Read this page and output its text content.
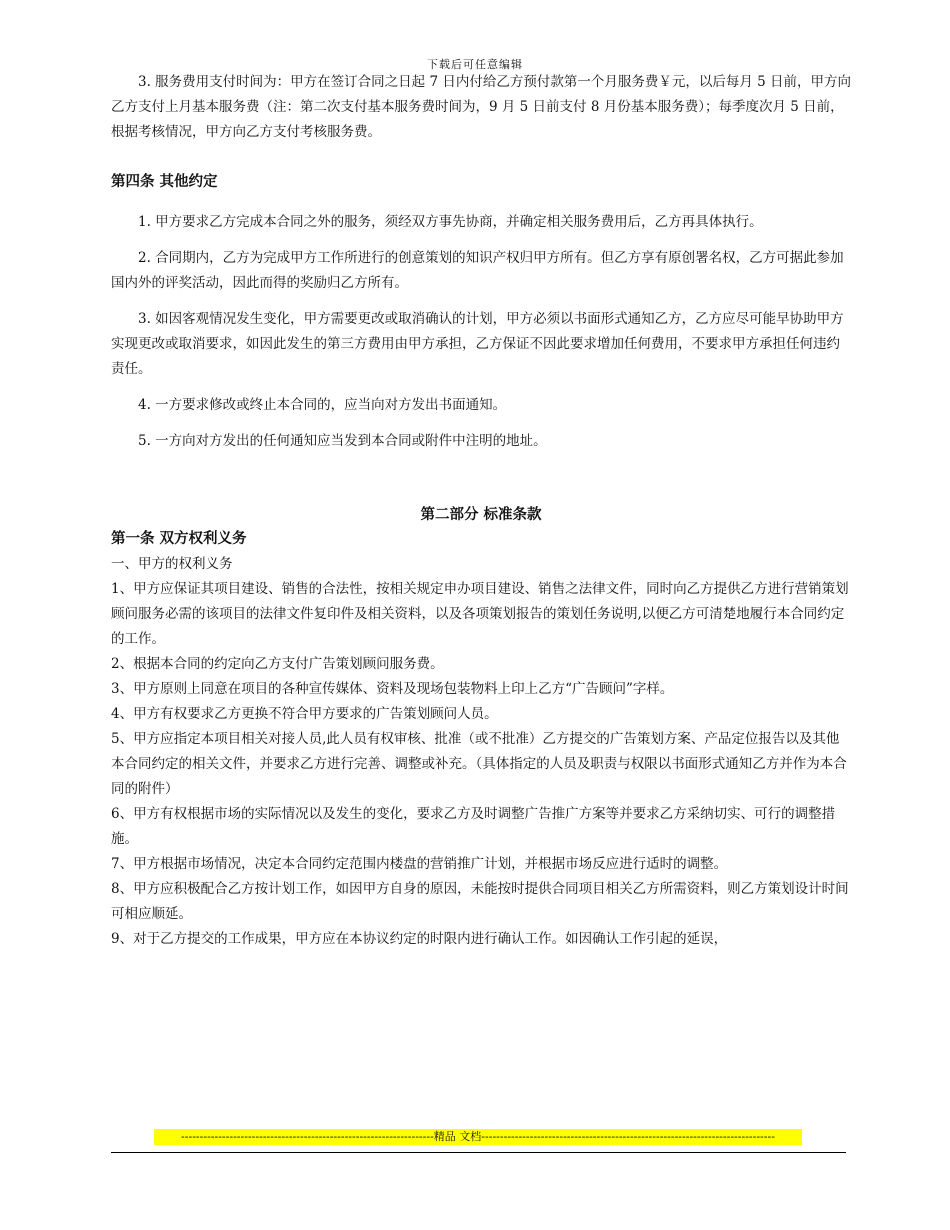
下载后可任意编辑

3. 服务费用支付时间为：甲方在签订合同之日起 7 日内付给乙方预付款第一个月服务费￥元，以后每月 5 日前，甲方向乙方支付上月基本服务费（注：第二次支付基本服务费时间为，9 月 5 日前支付 8 月份基本服务费）；每季度次月 5 日前，根据考核情况，甲方向乙方支付考核服务费。

第四条 其他约定

1. 甲方要求乙方完成本合同之外的服务，须经双方事先协商，并确定相关服务费用后，乙方再具体执行。

2. 合同期内，乙方为完成甲方工作所进行的创意策划的知识产权归甲方所有。但乙方享有原创署名权，乙方可据此参加国内外的评奖活动，因此而得的奖励归乙方所有。

3. 如因客观情况发生变化，甲方需要更改或取消确认的计划，甲方必须以书面形式通知乙方，乙方应尽可能早协助甲方实现更改或取消要求，如因此发生的第三方费用由甲方承担，乙方保证不因此要求增加任何费用，不要求甲方承担任何违约责任。

4. 一方要求修改或终止本合同的，应当向对方发出书面通知。

5. 一方向对方发出的任何通知应当发到本合同或附件中注明的地址。

第二部分 标准条款

第一条 双方权利义务

一、甲方的权利义务

1、甲方应保证其项目建设、销售的合法性，按相关规定申办项目建设、销售之法律文件，同时向乙方提供乙方进行营销策划顾问服务必需的该项目的法律文件复印件及相关资料，以及各项策划报告的策划任务说明,以便乙方可清楚地履行本合同约定的工作。

2、根据本合同的约定向乙方支付广告策划顾问服务费。

3、甲方原则上同意在项目的各种宣传媒体、资料及现场包装物料上印上乙方“广告顾问”字样。

4、甲方有权要求乙方更换不符合甲方要求的广告策划顾问人员。

5、甲方应指定本项目相关对接人员,此人员有权审核、批准（或不批准）乙方提交的广告策划方案、产品定位报告以及其他本合同约定的相关文件，并要求乙方进行完善、调整或补充。（具体指定的人员及职责与权限以书面形式通知乙方并作为本合同的附件）

6、甲方有权根据市场的实际情况以及发生的变化，要求乙方及时调整广告推广方案等并要求乙方采纳切实、可行的调整措施。

7、甲方根据市场情况，决定本合同约定范围内楼盘的营销推广计划，并根据市场反应进行适时的调整。

8、甲方应积极配合乙方按计划工作，如因甲方自身的原因，未能按时提供合同项目相关乙方所需资料，则乙方策划设计时间可相应顺延。

9、对于乙方提交的工作成果，甲方应在本协议约定的时限内进行确认工作。如因确认工作引起的延误，

--------------------------------------------------------------------精品 文档-------------------------------------------------------------------------------
